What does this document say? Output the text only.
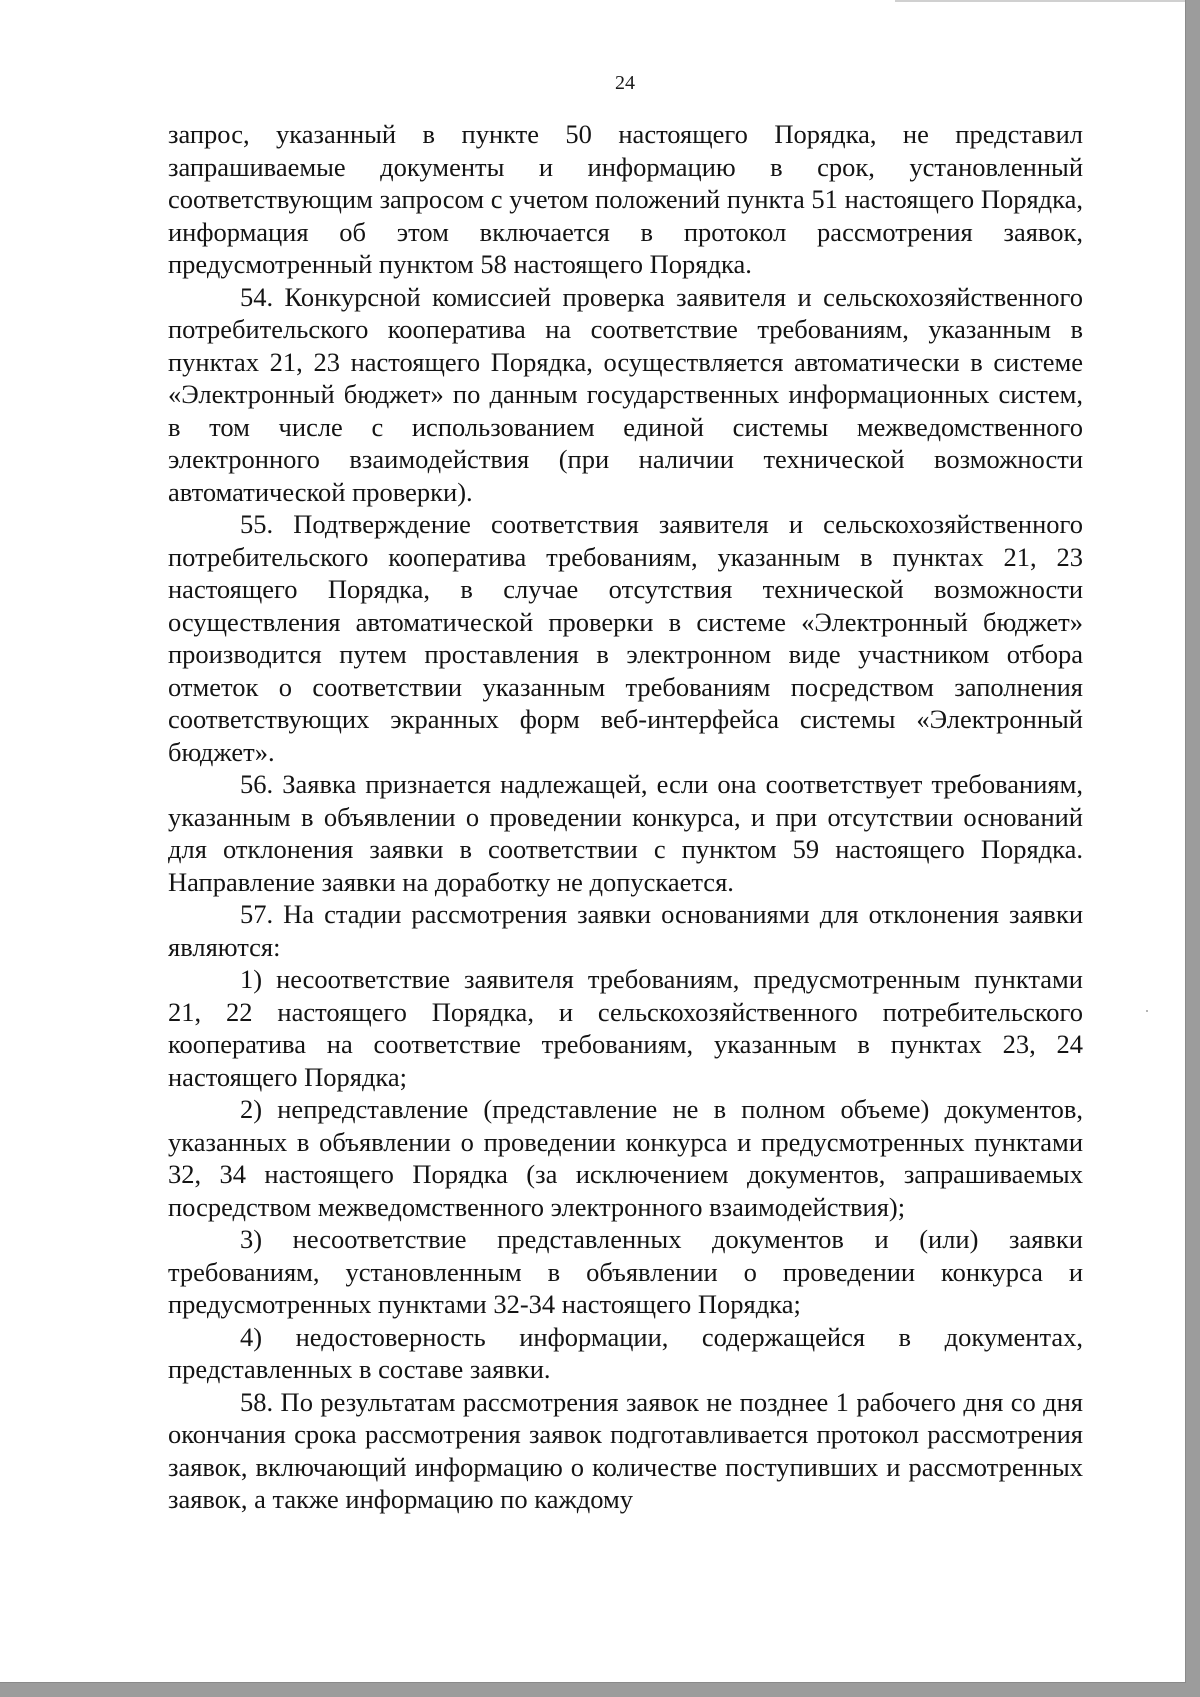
24

запрос, указанный в пункте 50 настоящего Порядка, не представил запрашиваемые документы и информацию в срок, установленный соответствующим запросом с учетом положений пункта 51 настоящего Порядка, информация об этом включается в протокол рассмотрения заявок, предусмотренный пунктом 58 настоящего Порядка.

54. Конкурсной комиссией проверка заявителя и сельскохозяйственного потребительского кооператива на соответствие требованиям, указанным в пунктах 21, 23 настоящего Порядка, осуществляется автоматически в системе «Электронный бюджет» по данным государственных информационных систем, в том числе с использованием единой системы межведомственного электронного взаимодействия (при наличии технической возможности автоматической проверки).

55. Подтверждение соответствия заявителя и сельскохозяйственного потребительского кооператива требованиям, указанным в пунктах 21, 23 настоящего Порядка, в случае отсутствия технической возможности осуществления автоматической проверки в системе «Электронный бюджет» производится путем проставления в электронном виде участником отбора отметок о соответствии указанным требованиям посредством заполнения соответствующих экранных форм веб-интерфейса системы «Электронный бюджет».

56. Заявка признается надлежащей, если она соответствует требованиям, указанным в объявлении о проведении конкурса, и при отсутствии оснований для отклонения заявки в соответствии с пунктом 59 настоящего Порядка. Направление заявки на доработку не допускается.

57. На стадии рассмотрения заявки основаниями для отклонения заявки являются:

1) несоответствие заявителя требованиям, предусмотренным пунктами 21, 22 настоящего Порядка, и сельскохозяйственного потребительского кооператива на соответствие требованиям, указанным в пунктах 23, 24 настоящего Порядка;

2) непредставление (представление не в полном объеме) документов, указанных в объявлении о проведении конкурса и предусмотренных пунктами 32, 34 настоящего Порядка (за исключением документов, запрашиваемых посредством межведомственного электронного взаимодействия);

3) несоответствие представленных документов и (или) заявки требованиям, установленным в объявлении о проведении конкурса и предусмотренных пунктами 32-34 настоящего Порядка;

4) недостоверность информации, содержащейся в документах, представленных в составе заявки.

58. По результатам рассмотрения заявок не позднее 1 рабочего дня со дня окончания срока рассмотрения заявок подготавливается протокол рассмотрения заявок, включающий информацию о количестве поступивших и рассмотренных заявок, а также информацию по каждому
